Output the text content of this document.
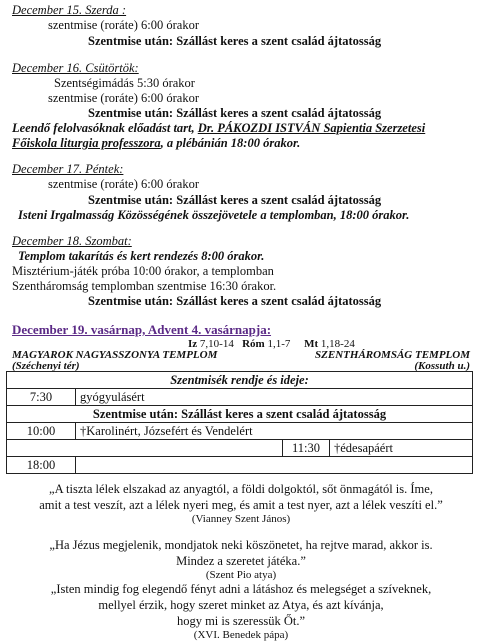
December 15. Szerda :
szentmise (roráte) 6:00 órakor
Szentmise után: Szállást keres a szent család ájtatosság
December 16. Csütörtök:
Szentségimádás 5:30 órakor
szentmise (roráte) 6:00 órakor
Szentmise után: Szállást keres a szent család ájtatosság
Leendő felolvasóknak előadást tart, Dr. PÁKOZDI ISTVÁN Sapientia Szerzetesi
Főiskola liturgia professzora, a plébánián 18:00 órakor.
December 17. Péntek:
szentmise (roráte) 6:00 órakor
Szentmise után: Szállást keres a szent család ájtatosság
Isteni Irgalmasság Közösségének összejövetele a templomban, 18:00 órakor.
December 18. Szombat:
Templom takarítás és kert rendezés 8:00 órakor.
Misztérium-játék próba 10:00 órakor, a templomban
Szentháromság templomban szentmise 16:30 órakor.
Szentmise után: Szállást keres a szent család ájtatosság
December 19. vasárnap, Advent 4. vasárnapja:
Iz 7,10-14 Róm 1,1-7 Mt 1,18-24
MAGYAROK NAGYASSZONYA TEMPLOM
(Széchenyi tér)
SZENTHÁROMSÁG TEMPLOM
(Kossuth u.)
Szentmisék rendje és ideje:			
7:30	gyógyulásért		
Szentmise után: Szállást keres a szent család ájtatosság			
10:00	†Karolinért, Józsefért és Vendelért		
		11:30	†édesapáért
18:00			
„A tiszta lélek elszakad az anyagtól, a földi dolgoktól, sőt önmagától is. Íme,
amit a test veszít, azt a lélek nyeri meg, és amit a test nyer, azt a lélek veszíti el.”
(Vianney Szent János)
„Ha Jézus megjelenik, mondjatok neki köszönetet, ha rejtve marad, akkor is.
Mindez a szeretet játéka.”
(Szent Pio atya)
„Isten mindig fog elegendő fényt adni a látáshoz és melegséget a szíveknek,
mellyel érzik, hogy szeret minket az Atya, és azt kívánja,
hogy mi is szeressük Őt.”
(XVI. Benedek pápa)
